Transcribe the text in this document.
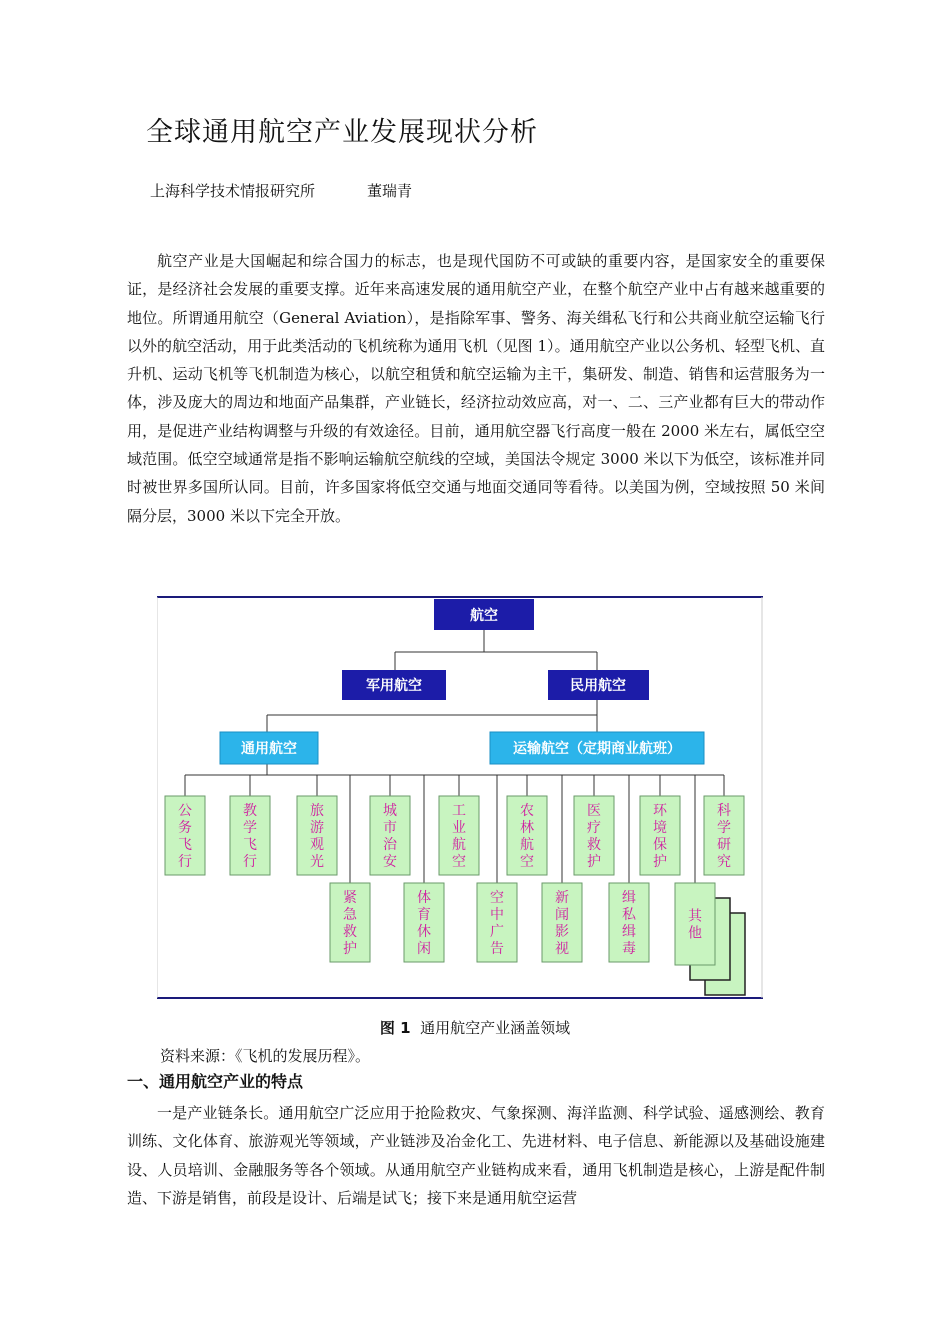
全球通用航空产业发展现状分析
上海科学技术情报研究所	董瑞青

航空产业是大国崛起和综合国力的标志，也是现代国防不可或缺的重要内容，是国家安全的重要保证，是经济社会发展的重要支撑。近年来高速发展的通用航空产业，在整个航空产业中占有越来越重要的地位。所谓通用航空（General Aviation），是指除军事、警务、海关缉私飞行和公共商业航空运输飞行以外的航空活动，用于此类活动的飞机统称为通用飞机（见图 1）。通用航空产业以公务机、轻型飞机、直升机、运动飞机等飞机制造为核心，以航空租赁和航空运输为主干，集研发、制造、销售和运营服务为一体，涉及庞大的周边和地面产品集群，产业链长，经济拉动效应高，对一、二、三产业都有巨大的带动作用，是促进产业结构调整与升级的有效途径。目前，通用航空器飞行高度一般在 2000 米左右，属低空空域范围。低空空域通常是指不影响运输航空航线的空域，美国法令规定 3000 米以下为低空，该标准并同时被世界多国所认同。目前，许多国家将低空交通与地面交通同等看待。以美国为例，空域按照 50 米间隔分层，3000 米以下完全开放。

航空
军用航空	民用航空
通用航空	运输航空（定期商业航班）
公务飞行
教学飞行
旅游观光
城市治安
工业航空
农林航空
医疗救护
环境保护
科学研究
紧急救护
体育休闲
空中广告
新闻影视
缉私缉毒
其他
图 1 通用航空产业涵盖领域
资料来源：《飞机的发展历程》。
一、通用航空产业的特点

一是产业链条长。通用航空广泛应用于抢险救灾、气象探测、海洋监测、科学试验、遥感测绘、教育训练、文化体育、旅游观光等领域，产业链涉及冶金化工、先进材料、电子信息、新能源以及基础设施建设、人员培训、金融服务等各个领域。从通用航空产业链构成来看，通用飞机制造是核心，上游是配件制造、下游是销售，前段是设计、后端是试飞；接下来是通用航空运营
